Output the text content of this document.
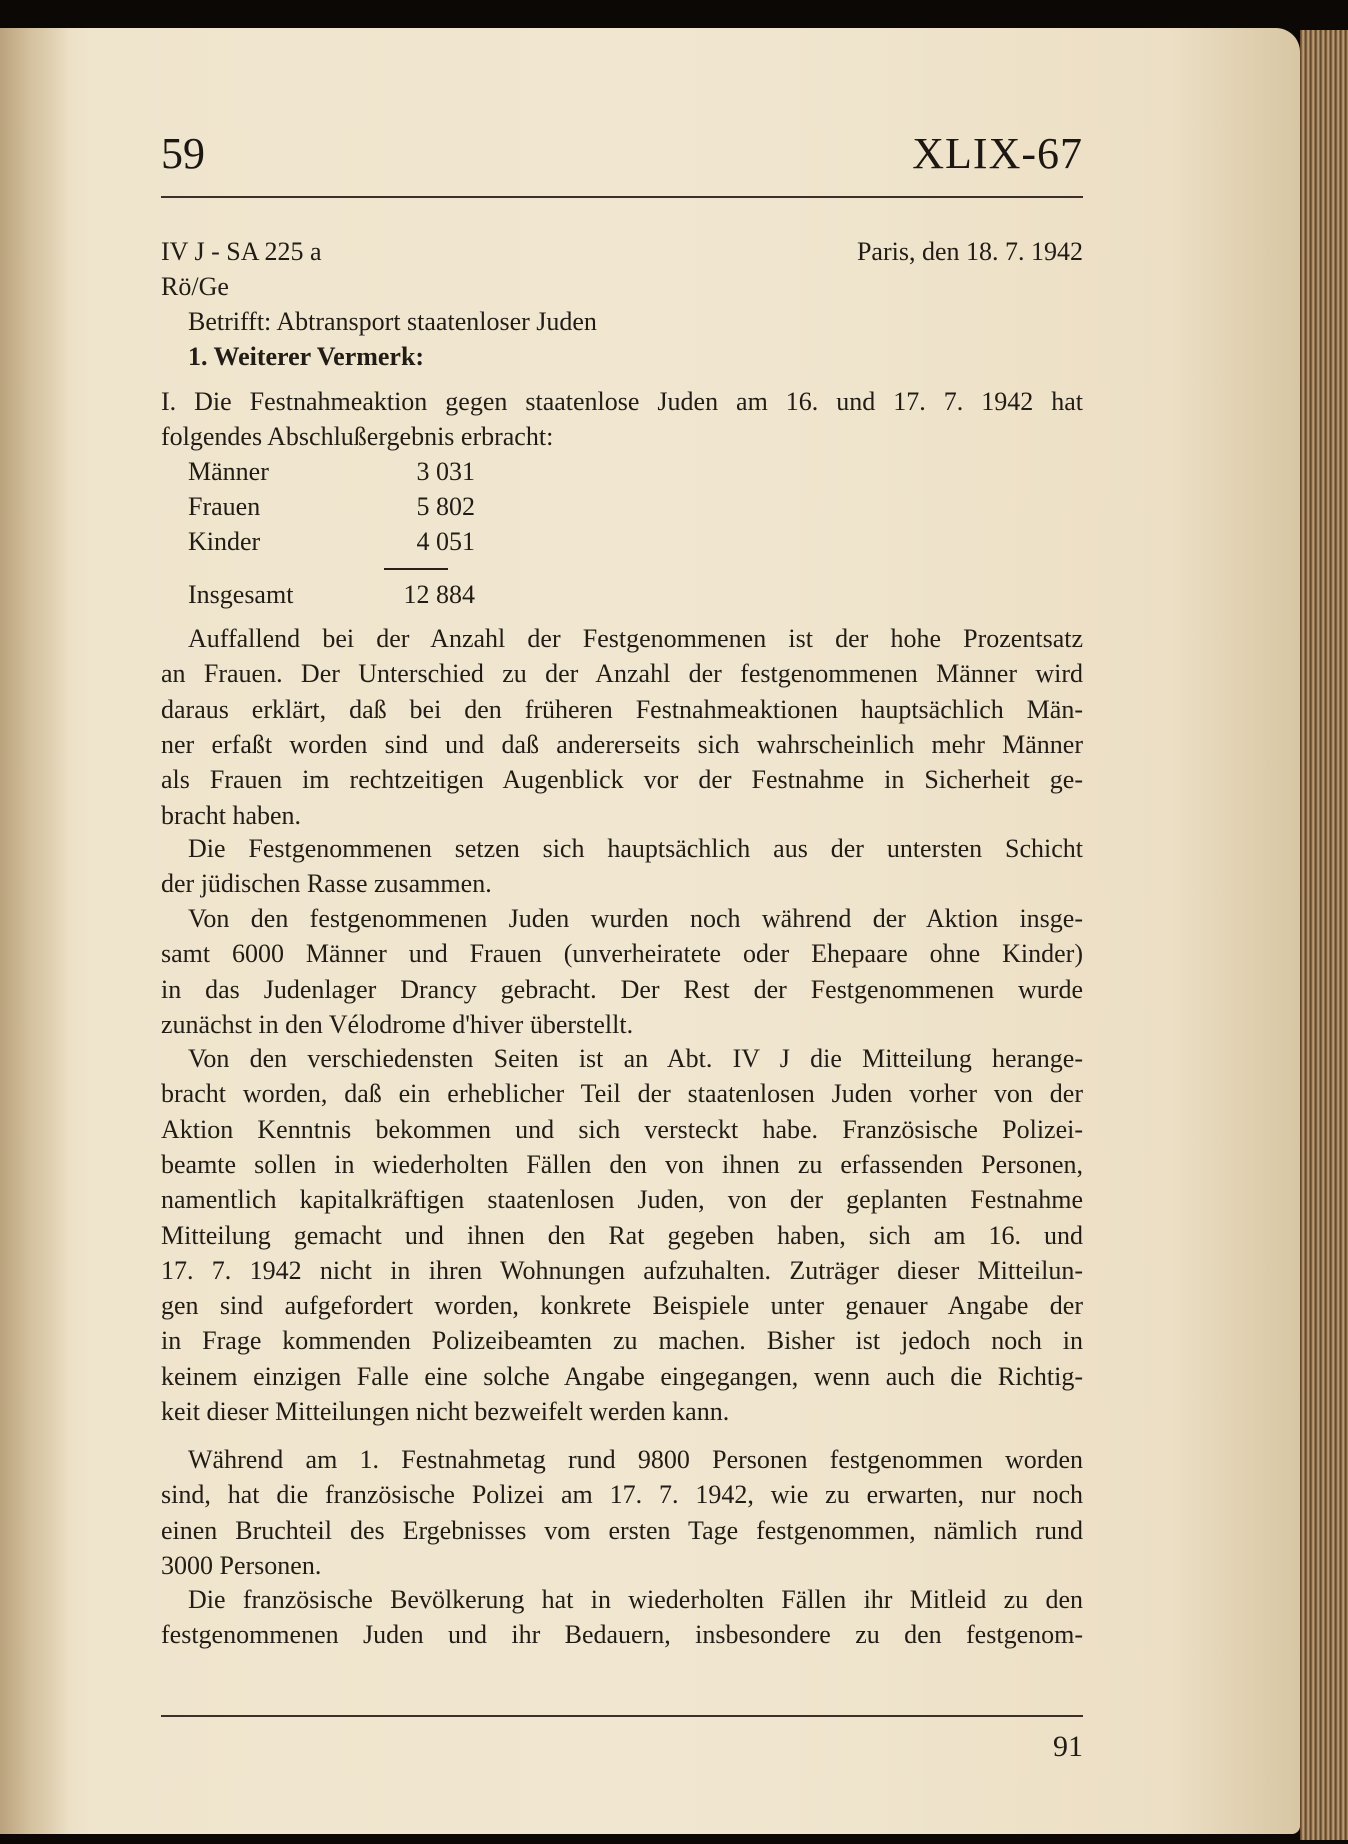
59	XLIX-67
IV J - SA 225 a	Paris, den 18. 7. 1942
Rö/Ge
Betrifft: Abtransport staatenloser Juden
1. Weiterer Vermerk:
I. Die Festnahmeaktion gegen staatenlose Juden am 16. und 17. 7. 1942 hat
folgendes Abschlußergebnis erbracht:
Männer	3 031
Frauen	5 802
Kinder	4 051
Insgesamt	12 884
Auffallend bei der Anzahl der Festgenommenen ist der hohe Prozentsatz
an Frauen. Der Unterschied zu der Anzahl der festgenommenen Männer wird
daraus erklärt, daß bei den früheren Festnahmeaktionen hauptsächlich Män-
ner erfaßt worden sind und daß andererseits sich wahrscheinlich mehr Männer
als Frauen im rechtzeitigen Augenblick vor der Festnahme in Sicherheit ge-
bracht haben.
Die Festgenommenen setzen sich hauptsächlich aus der untersten Schicht
der jüdischen Rasse zusammen.
Von den festgenommenen Juden wurden noch während der Aktion insge-
samt 6000 Männer und Frauen (unverheiratete oder Ehepaare ohne Kinder)
in das Judenlager Drancy gebracht. Der Rest der Festgenommenen wurde
zunächst in den Vélodrome d'hiver überstellt.
Von den verschiedensten Seiten ist an Abt. IV J die Mitteilung herange-
bracht worden, daß ein erheblicher Teil der staatenlosen Juden vorher von der
Aktion Kenntnis bekommen und sich versteckt habe. Französische Polizei-
beamte sollen in wiederholten Fällen den von ihnen zu erfassenden Personen,
namentlich kapitalkräftigen staatenlosen Juden, von der geplanten Festnahme
Mitteilung gemacht und ihnen den Rat gegeben haben, sich am 16. und
17. 7. 1942 nicht in ihren Wohnungen aufzuhalten. Zuträger dieser Mitteilun-
gen sind aufgefordert worden, konkrete Beispiele unter genauer Angabe der
in Frage kommenden Polizeibeamten zu machen. Bisher ist jedoch noch in
keinem einzigen Falle eine solche Angabe eingegangen, wenn auch die Richtig-
keit dieser Mitteilungen nicht bezweifelt werden kann.
Während am 1. Festnahmetag rund 9800 Personen festgenommen worden
sind, hat die französische Polizei am 17. 7. 1942, wie zu erwarten, nur noch
einen Bruchteil des Ergebnisses vom ersten Tage festgenommen, nämlich rund
3000 Personen.
Die französische Bevölkerung hat in wiederholten Fällen ihr Mitleid zu den
festgenommenen Juden und ihr Bedauern, insbesondere zu den festgenom-
91
